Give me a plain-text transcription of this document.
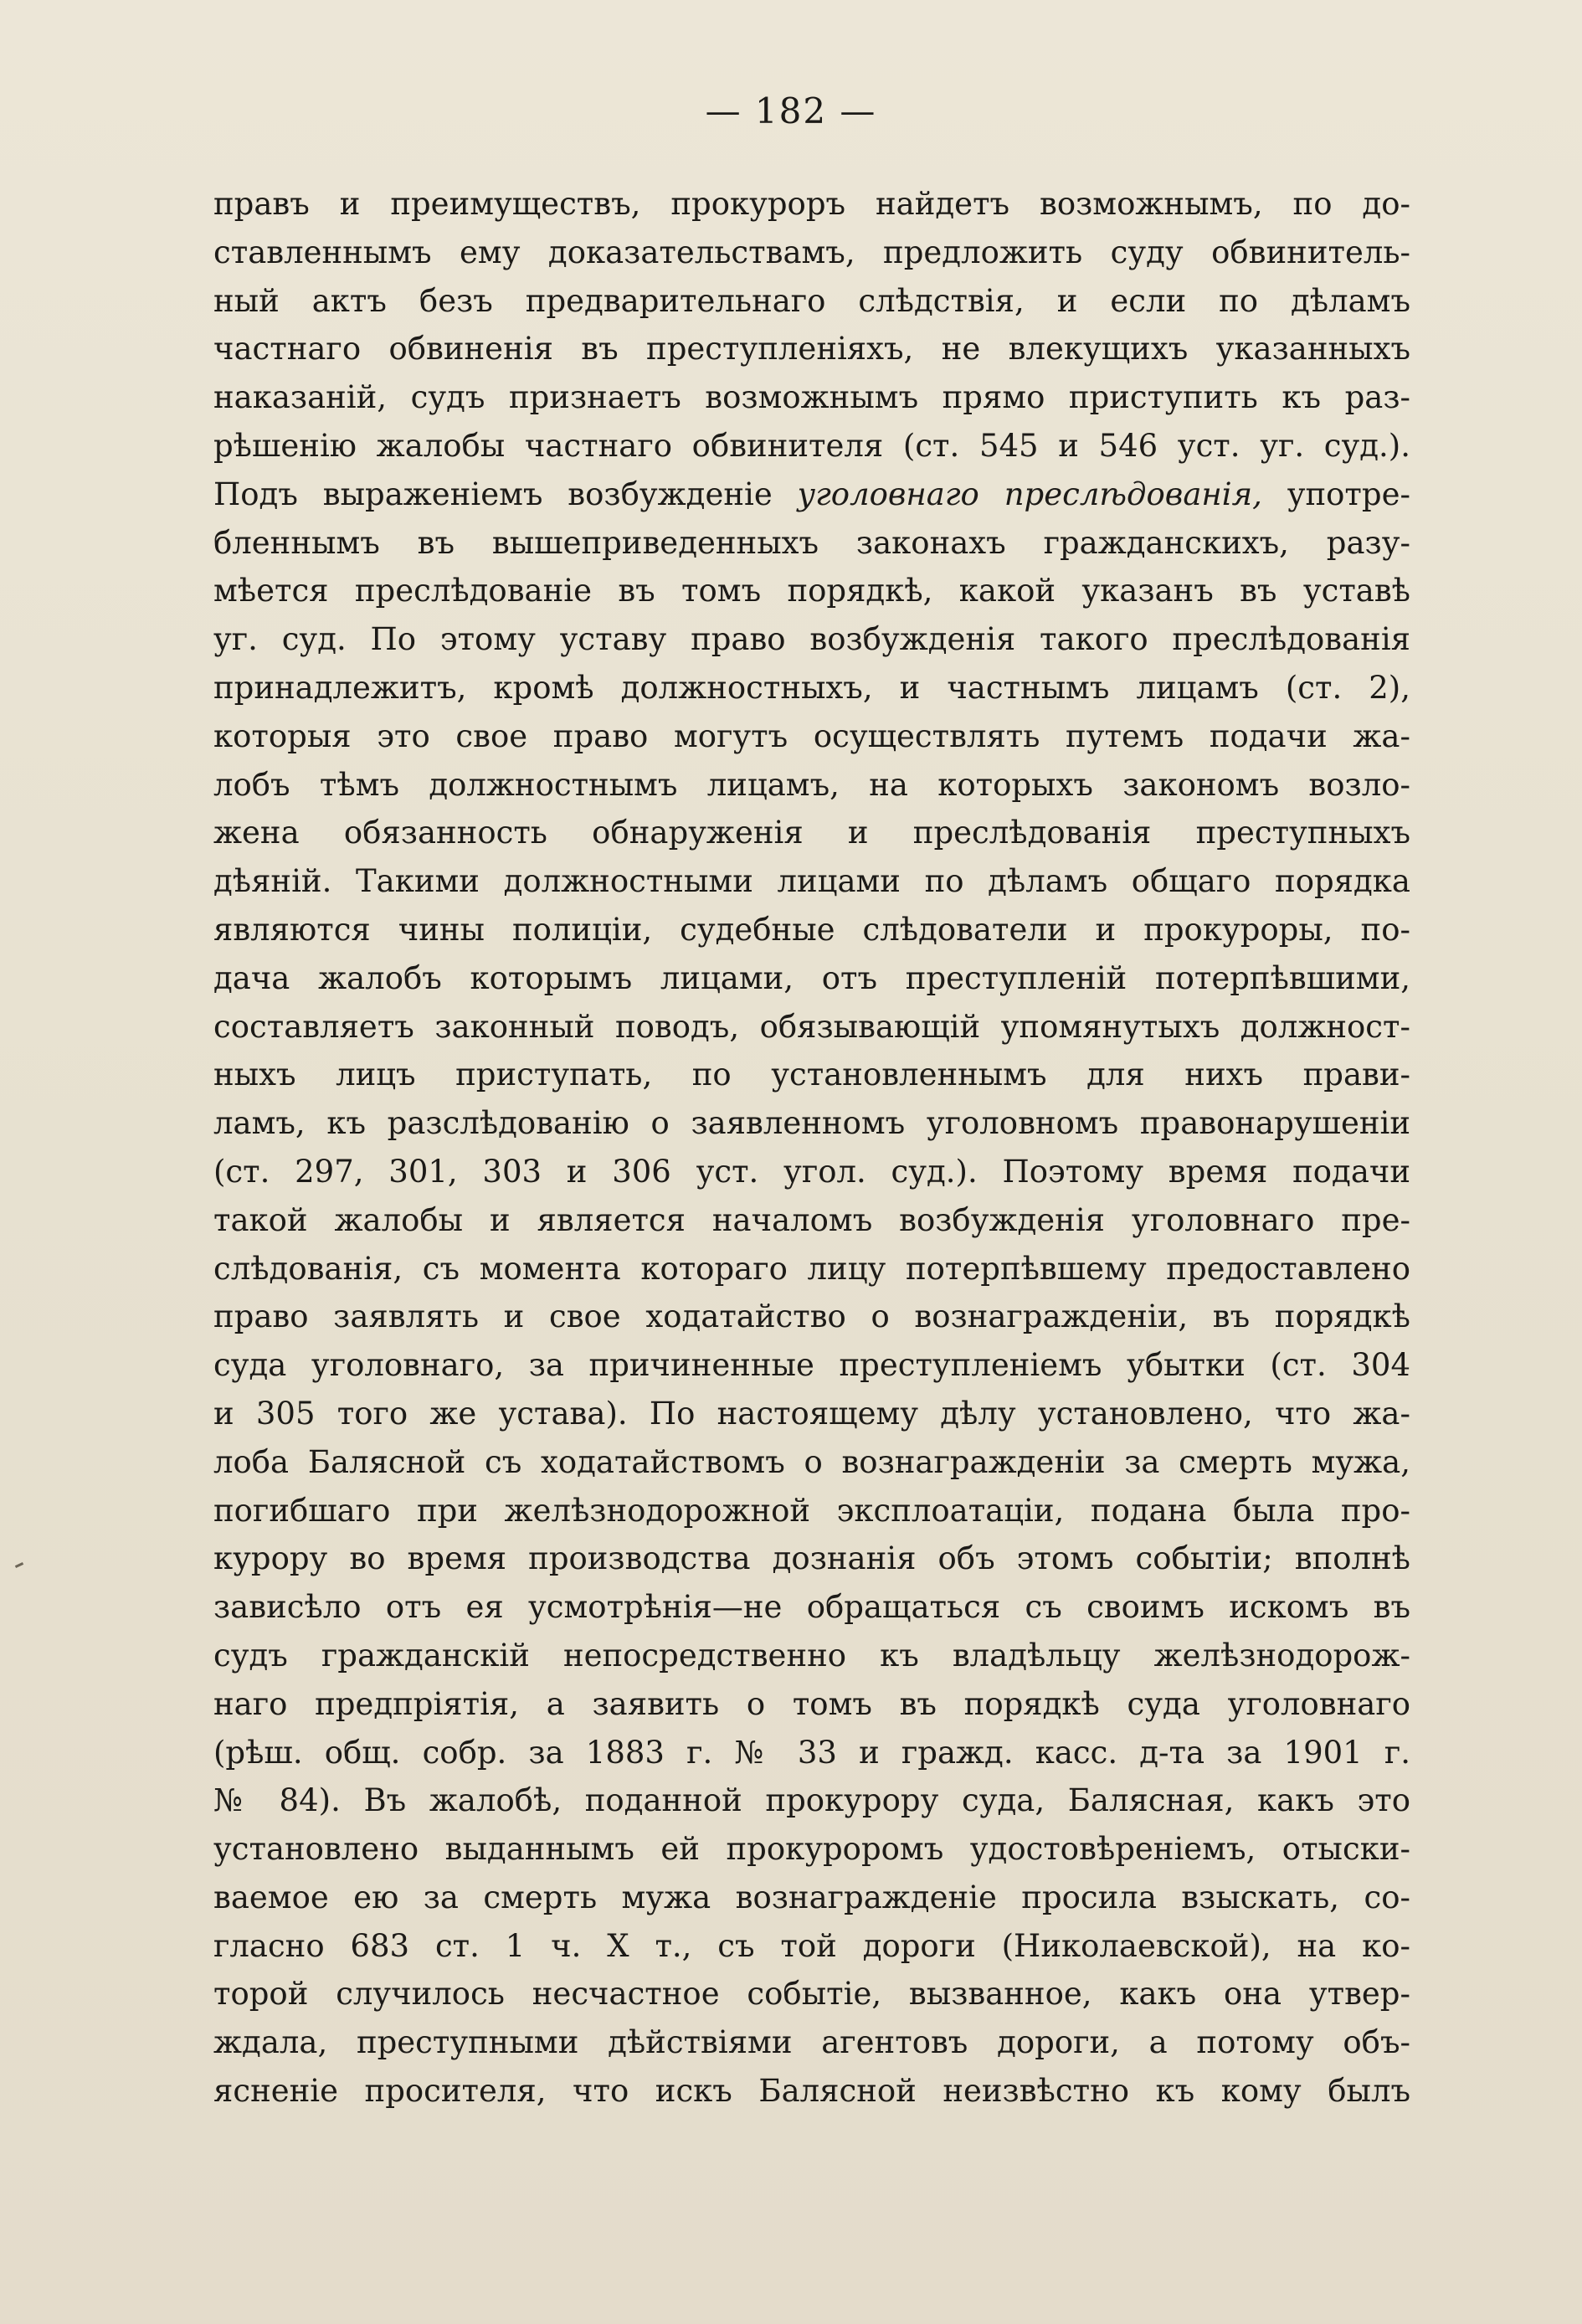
— 182 —
правъ и преимуществъ, прокуроръ найдетъ возможнымъ, по до-
ставленнымъ ему доказательствамъ, предложить суду обвинитель-
ный актъ безъ предварительнаго слѣдствія, и если по дѣламъ
частнаго обвиненія въ преступленіяхъ, не влекущихъ указанныхъ
наказаній, судъ признаетъ возможнымъ прямо приступить къ раз-
рѣшенію жалобы частнаго обвинителя (ст. 545 и 546 уст. уг. суд.).
Подъ выраженіемъ возбужденіе уголовнаго преслѣдованія, употре-
бленнымъ въ вышеприведенныхъ законахъ гражданскихъ, разу-
мѣется преслѣдованіе въ томъ порядкѣ, какой указанъ въ уставѣ
уг. суд. По этому уставу право возбужденія такого преслѣдованія
принадлежитъ, кромѣ должностныхъ, и частнымъ лицамъ (ст. 2),
которыя это свое право могутъ осуществлять путемъ подачи жа-
лобъ тѣмъ должностнымъ лицамъ, на которыхъ закономъ возло-
жена обязанность обнаруженія и преслѣдованія преступныхъ
дѣяній. Такими должностными лицами по дѣламъ общаго порядка
являются чины полиціи, судебные слѣдователи и прокуроры, по-
дача жалобъ которымъ лицами, отъ преступленій потерпѣвшими,
составляетъ законный поводъ, обязывающій упомянутыхъ должност-
ныхъ лицъ приступать, по установленнымъ для нихъ прави-
ламъ, къ разслѣдованію о заявленномъ уголовномъ правонарушеніи
(ст. 297, 301, 303 и 306 уст. угол. суд.). Поэтому время подачи
такой жалобы и является началомъ возбужденія уголовнаго пре-
слѣдованія, съ момента котораго лицу потерпѣвшему предоставлено
право заявлять и свое ходатайство о вознагражденіи, въ порядкѣ
суда уголовнаго, за причиненные преступленіемъ убытки (ст. 304
и 305 того же устава). По настоящему дѣлу установлено, что жа-
лоба Балясной съ ходатайствомъ о вознагражденіи за смерть мужа,
погибшаго при желѣзнодорожной эксплоатаціи, подана была про-
курору во время производства дознанія объ этомъ событіи; вполнѣ
зависѣло отъ ея усмотрѣнія—не обращаться съ своимъ искомъ въ
судъ гражданскій непосредственно къ владѣльцу желѣзнодорож-
наго предпріятія, а заявить о томъ въ порядкѣ суда уголовнаго
(рѣш. общ. собр. за 1883 г. № 33 и гражд. касс. д-та за 1901 г.
№ 84). Въ жалобѣ, поданной прокурору суда, Балясная, какъ это
установлено выданнымъ ей прокуроромъ удостовѣреніемъ, отыски-
ваемое ею за смерть мужа вознагражденіе просила взыскать, со-
гласно 683 ст. 1 ч. X т., съ той дороги (Николаевской), на ко-
торой случилось несчастное событіе, вызванное, какъ она утвер-
ждала, преступными дѣйствіями агентовъ дороги, а потому объ-
ясненіе просителя, что искъ Балясной неизвѣстно къ кому былъ
